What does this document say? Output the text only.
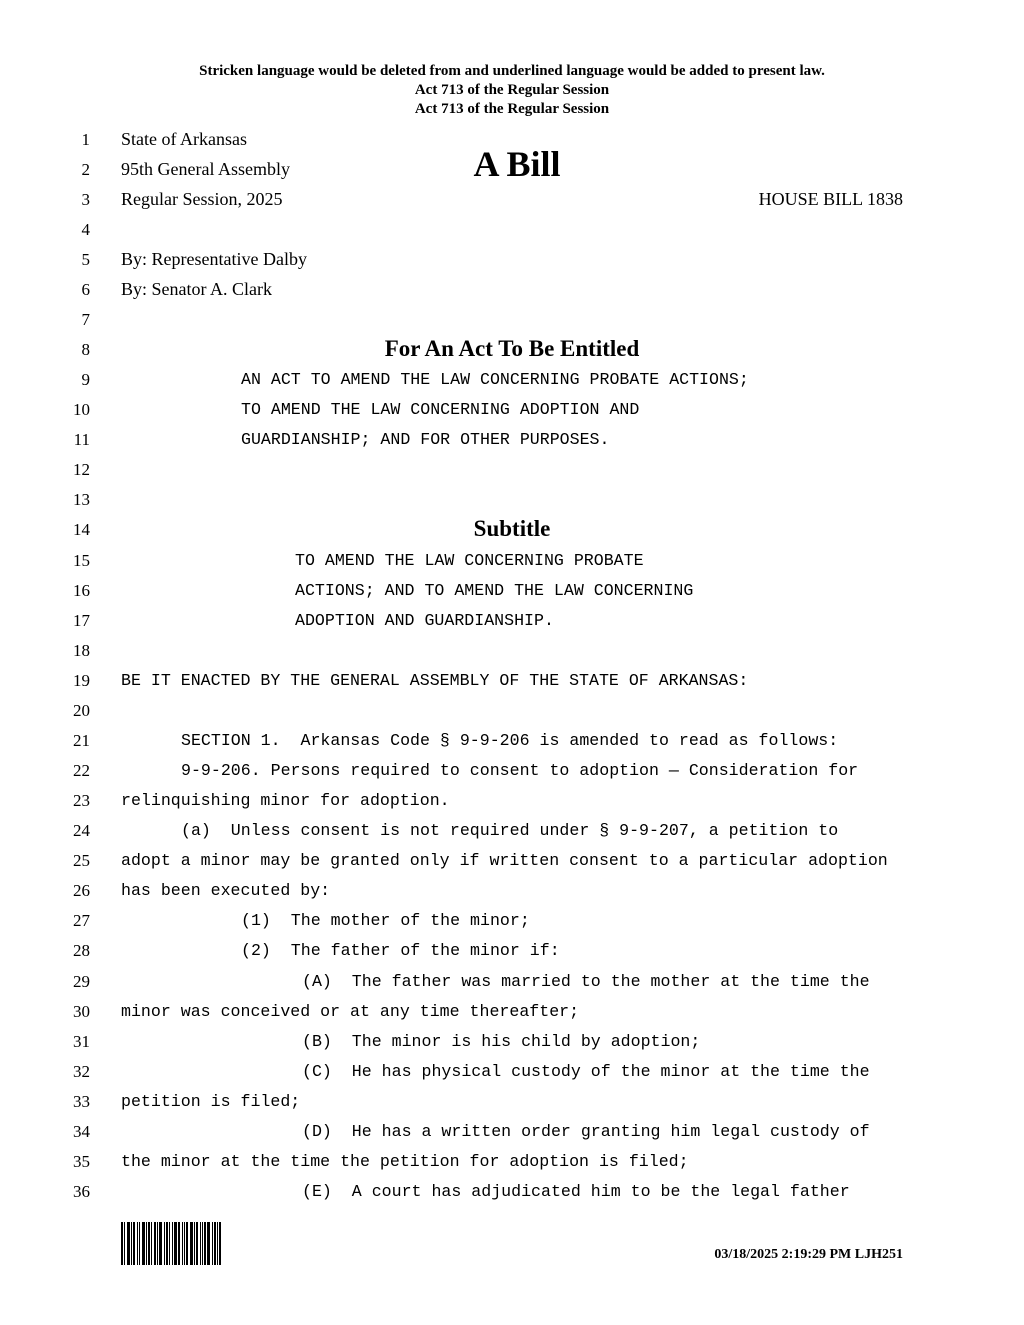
Stricken language would be deleted from and underlined language would be added to present law.
Act 713 of the Regular Session
Act 713 of the Regular Session
1
2
3
4
5
6
7
8
9
10
11
12
13
14
15
16
17
18
19
20
21
22
23
24
25
26
27
28
29
30
31
32
33
34
35
36
State of Arkansas
95th General Assembly	A Bill
Regular Session, 2025	HOUSE BILL 1838
By: Representative Dalby
By: Senator A. Clark
For An Act To Be Entitled
AN ACT TO AMEND THE LAW CONCERNING PROBATE ACTIONS;
TO AMEND THE LAW CONCERNING ADOPTION AND
GUARDIANSHIP; AND FOR OTHER PURPOSES.
Subtitle
TO AMEND THE LAW CONCERNING PROBATE
ACTIONS; AND TO AMEND THE LAW CONCERNING
ADOPTION AND GUARDIANSHIP.
BE IT ENACTED BY THE GENERAL ASSEMBLY OF THE STATE OF ARKANSAS:
SECTION 1.  Arkansas Code § 9-9-206 is amended to read as follows:
9-9-206. Persons required to consent to adoption — Consideration for
relinquishing minor for adoption.
(a)  Unless consent is not required under § 9-9-207, a petition to
adopt a minor may be granted only if written consent to a particular adoption
has been executed by:
(1)  The mother of the minor;
(2)  The father of the minor if:
(A)  The father was married to the mother at the time the
minor was conceived or at any time thereafter;
(B)  The minor is his child by adoption;
(C)  He has physical custody of the minor at the time the
petition is filed;
(D)  He has a written order granting him legal custody of
the minor at the time the petition for adoption is filed;
(E)  A court has adjudicated him to be the legal father
03/18/2025 2:19:29 PM LJH251
